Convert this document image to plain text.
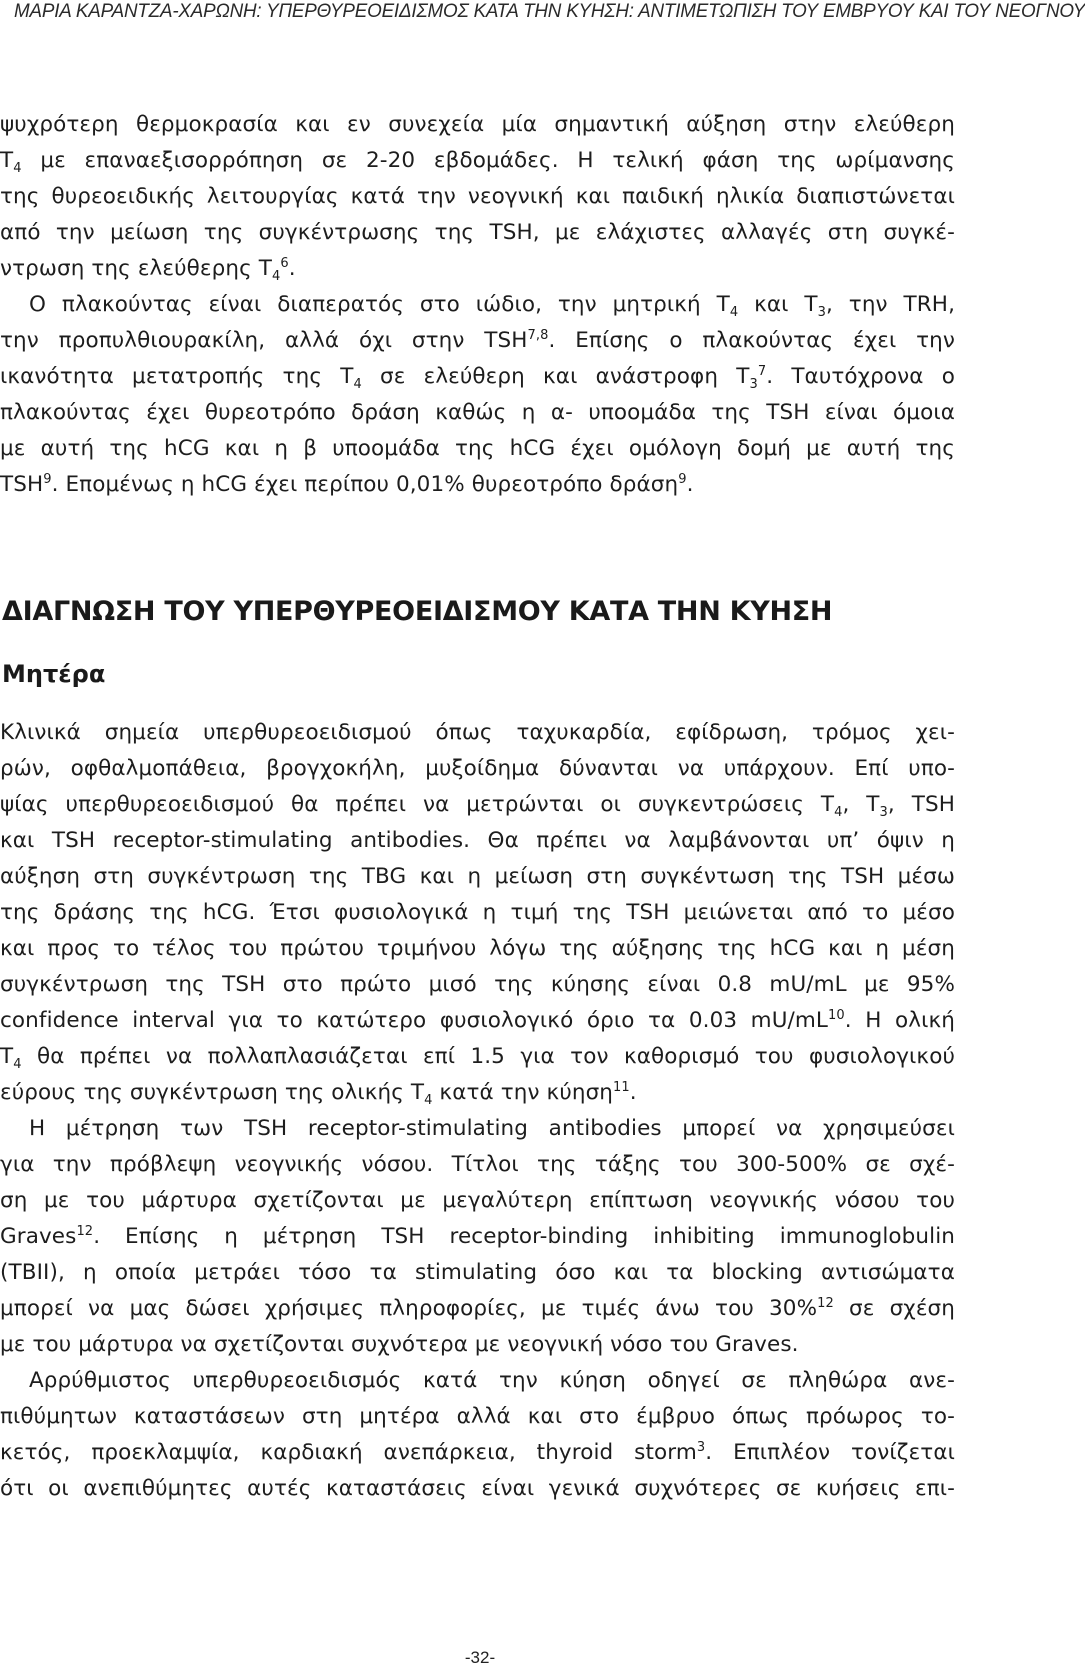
ΜΑΡΙΑ ΚΑΡΑΝΤΖΑ-ΧΑΡΩΝΗ: ΥΠΕΡΘΥΡΕΟΕΙΔΙΣΜΟΣ ΚΑΤΑ ΤΗΝ ΚΥΗΣΗ: ΑΝΤΙΜΕΤΩΠΙΣΗ ΤΟΥ ΕΜΒΡΥΟΥ ΚΑΙ ΤΟΥ ΝΕΟΓΝΟΥ
ψυχρότερη θερμοκρασία και εν συνεχεία μία σημαντική αύξηση στην ελεύθερη
$T_4$ με επαναεξισορρόπηση σε 2-20 εβδομάδες. Η τελική φάση της ωρίμανσης
της θυρεοειδικής λειτουργίας κατά την νεογνική και παιδική ηλικία διαπιστώνεται
από την μείωση της συγκέντρωσης της TSH, με ελάχιστες αλλαγές στη συγκέ-
ντρωση της ελεύθερης $T_4^6$.
Ο πλακούντας είναι διαπερατός στο ιώδιο, την μητρική $T_4$ και $T_3$, την TRH,
την προπυλθιουρακίλη, αλλά όχι στην TSH$^{7,8}$. Επίσης ο πλακούντας έχει την
ικανότητα μετατροπής της $T_4$ σε ελεύθερη και ανάστροφη $T_3^7$. Ταυτόχρονα ο
πλακούντας έχει θυρεοτρόπο δράση καθώς η α- υποομάδα της TSH είναι όμοια
με αυτή της hCG και η β υποομάδα της hCG έχει ομόλογη δομή με αυτή της
TSH$^9$. Επομένως η hCG έχει περίπου 0,01% θυρεοτρόπο δράση$^9$.
ΔΙΑΓΝΩΣΗ ΤΟΥ ΥΠΕΡΘΥΡΕΟΕΙΔΙΣΜΟΥ ΚΑΤΑ ΤΗΝ ΚΥΗΣΗ
Μητέρα
Κλινικά σημεία υπερθυρεοειδισμού όπως ταχυκαρδία, εφίδρωση, τρόμος χει-
ρών, οφθαλμοπάθεια, βρογχοκήλη, μυξοίδημα δύνανται να υπάρχουν. Επί υπο-
ψίας υπερθυρεοειδισμού θα πρέπει να μετρώνται οι συγκεντρώσεις $T_4$, $T_3$, TSH
και TSH receptor-stimulating antibodies. Θα πρέπει να λαμβάνονται υπ’ όψιν η
αύξηση στη συγκέντρωση της TBG και η μείωση στη συγκέντωση της TSH μέσω
της δράσης της hCG. Έτσι φυσιολογικά η τιμή της TSH μειώνεται από το μέσο
και προς το τέλος του πρώτου τριμήνου λόγω της αύξησης της hCG και η μέση
συγκέντρωση της TSH στο πρώτο μισό της κύησης είναι 0.8 mU/mL με 95%
confidence interval για το κατώτερο φυσιολογικό όριο τα 0.03 $mU/mL^{10}$. Η ολική
$T_4$ θα πρέπει να πολλαπλασιάζεται επί 1.5 για τον καθορισμό του φυσιολογικού
εύρους της συγκέντρωση της ολικής $T_4$ κατά την κύηση$^{11}$.
Η μέτρηση των TSH receptor-stimulating antibodies μπορεί να χρησιμεύσει
για την πρόβλεψη νεογνικής νόσου. Τίτλοι της τάξης του 300-500% σε σχέ-
ση με του μάρτυρα σχετίζονται με μεγαλύτερη επίπτωση νεογνικής νόσου του
Graves$^{12}$. Επίσης η μέτρηση TSH receptor-binding inhibiting immunoglobulin
(TBII), η οποία μετράει τόσο τα stimulating όσο και τα blocking αντισώματα
μπορεί να μας δώσει χρήσιμες πληροφορίες, με τιμές άνω του 30%$^{12}$ σε σχέση
με του μάρτυρα να σχετίζονται συχνότερα με νεογνική νόσο του Graves.
Αρρύθμιστος υπερθυρεοειδισμός κατά την κύηση οδηγεί σε πληθώρα ανε-
πιθύμητων καταστάσεων στη μητέρα αλλά και στο έμβρυο όπως πρόωρος το-
κετός, προεκλαμψία, καρδιακή ανεπάρκεια, thyroid storm$^3$. Επιπλέον τονίζεται
ότι οι ανεπιθύμητες αυτές καταστάσεις είναι γενικά συχνότερες σε κυήσεις επι-
-32-
